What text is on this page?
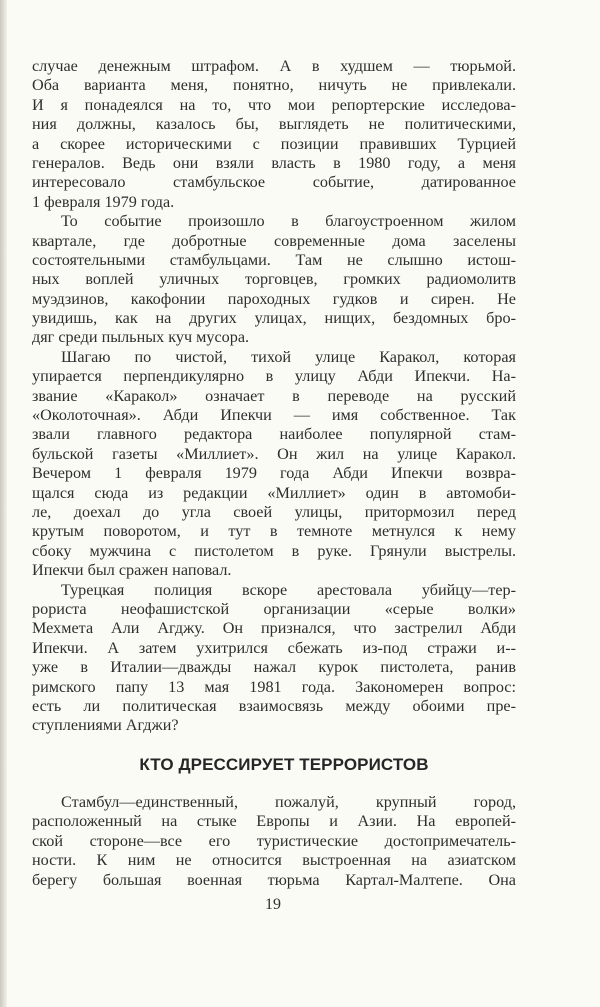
случае денежным штрафом. А в худшем — тюрьмой.
Оба варианта меня, понятно, ничуть не привлекали.
И я понадеялся на то, что мои репортерские исследова-
ния должны, казалось бы, выглядеть не политическими,
а скорее историческими с позиции правивших Турцией
генералов. Ведь они взяли власть в 1980 году, а меня
интересовало стамбульское событие, датированное
1 февраля 1979 года.
То событие произошло в благоустроенном жилом
квартале, где добротные современные дома заселены
состоятельными стамбульцами. Там не слышно истош-
ных воплей уличных торговцев, громких радиомолитв
муэдзинов, какофонии пароходных гудков и сирен. Не
увидишь, как на других улицах, нищих, бездомных бро-
дяг среди пыльных куч мусора.
Шагаю по чистой, тихой улице Каракол, которая
упирается перпендикулярно в улицу Абди Ипекчи. На-
звание «Каракол» означает в переводе на русский
«Околоточная». Абди Ипекчи — имя собственное. Так
звали главного редактора наиболее популярной стам-
бульской газеты «Миллиет». Он жил на улице Каракол.
Вечером 1 февраля 1979 года Абди Ипекчи возвра-
щался сюда из редакции «Миллиет» один в автомоби-
ле, доехал до угла своей улицы, притормозил перед
крутым поворотом, и тут в темноте метнулся к нему
сбоку мужчина с пистолетом в руке. Грянули выстрелы.
Ипекчи был сражен наповал.
Турецкая полиция вскоре арестовала убийцу—тер-
рориста неофашистской организации «серые волки»
Мехмета Али Агджу. Он признался, что застрелил Абди
Ипекчи. А затем ухитрился сбежать из-под стражи и--
уже в Италии—дважды нажал курок пистолета, ранив
римского папу 13 мая 1981 года. Закономерен вопрос:
есть ли политическая взаимосвязь между обоими пре-
ступлениями Агджи?
КТО ДРЕССИРУЕТ ТЕРРОРИСТОВ
Стамбул—единственный, пожалуй, крупный город,
расположенный на стыке Европы и Азии. На европей-
ской стороне—все его туристические достопримечатель-
ности. К ним не относится выстроенная на азиатском
берегу большая военная тюрьма Картал-Малтепе. Она
19
